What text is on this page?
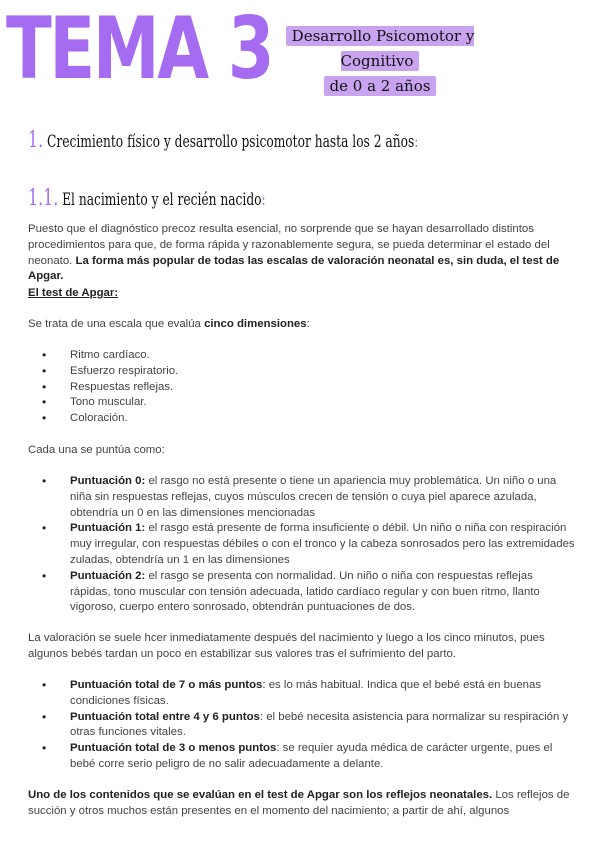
TEMA 3	Desarrollo Psicomotor y Cognitivo
de 0 a 2 años
1. Crecimiento físico y desarrollo psicomotor hasta los 2 años:
1.1. El nacimiento y el recién nacido:
Puesto que el diagnóstico precoz resulta esencial, no sorprende que se hayan desarrollado distintos procedimientos para que, de forma rápida y razonablemente segura, se pueda determinar el estado del neonato. La forma más popular de todas las escalas de valoración neonatal es, sin duda, el test de Apgar.
El test de Apgar:
Se trata de una escala que evalúa cinco dimensiones:
• Ritmo cardíaco.
• Esfuerzo respiratorio.
• Respuestas reflejas.
• Tono muscular.
• Coloración.
Cada una se puntúa como:
• Puntuación 0: el rasgo no está presente o tiene un apariencia muy problemática. Un niño o una niña sin respuestas reflejas, cuyos músculos crecen de tensión o cuya piel aparece azulada, obtendría un 0 en las dimensiones mencionadas
• Puntuación 1: el rasgo está presente de forma insuficiente o débil. Un niño o niña con respiración muy irregular, con respuestas débiles o con el tronco y la cabeza sonrosados pero las extremidades zuladas, obtendría un 1 en las dimensiones
• Puntuación 2: el rasgo se presenta con normalidad. Un niño o niña con respuestas reflejas rápidas, tono muscular con tensión adecuada, latido cardíaco regular y con buen ritmo, llanto vigoroso, cuerpo entero sonrosado, obtendrán puntuaciones de dos.
La valoración se suele hcer inmediatamente después del nacimiento y luego a los cinco minutos, pues algunos bebés tardan un poco en estabilizar sus valores tras el sufrimiento del parto.
• Puntuación total de 7 o más puntos: es lo más habitual. Indica que el bebé está en buenas condiciones físicas.
• Puntuación total entre 4 y 6 puntos: el bebé necesita asistencia para normalizar su respiración y otras funciones vitales.
• Puntuación total de 3 o menos puntos: se requier ayuda médica de carácter urgente, pues el bebé corre serio peligro de no salir adecuadamente a delante.
Uno de los contenidos que se evalúan en el test de Apgar son los reflejos neonatales. Los reflejos de succión y otros muchos están presentes en el momento del nacimiento; a partir de ahí, algunos
